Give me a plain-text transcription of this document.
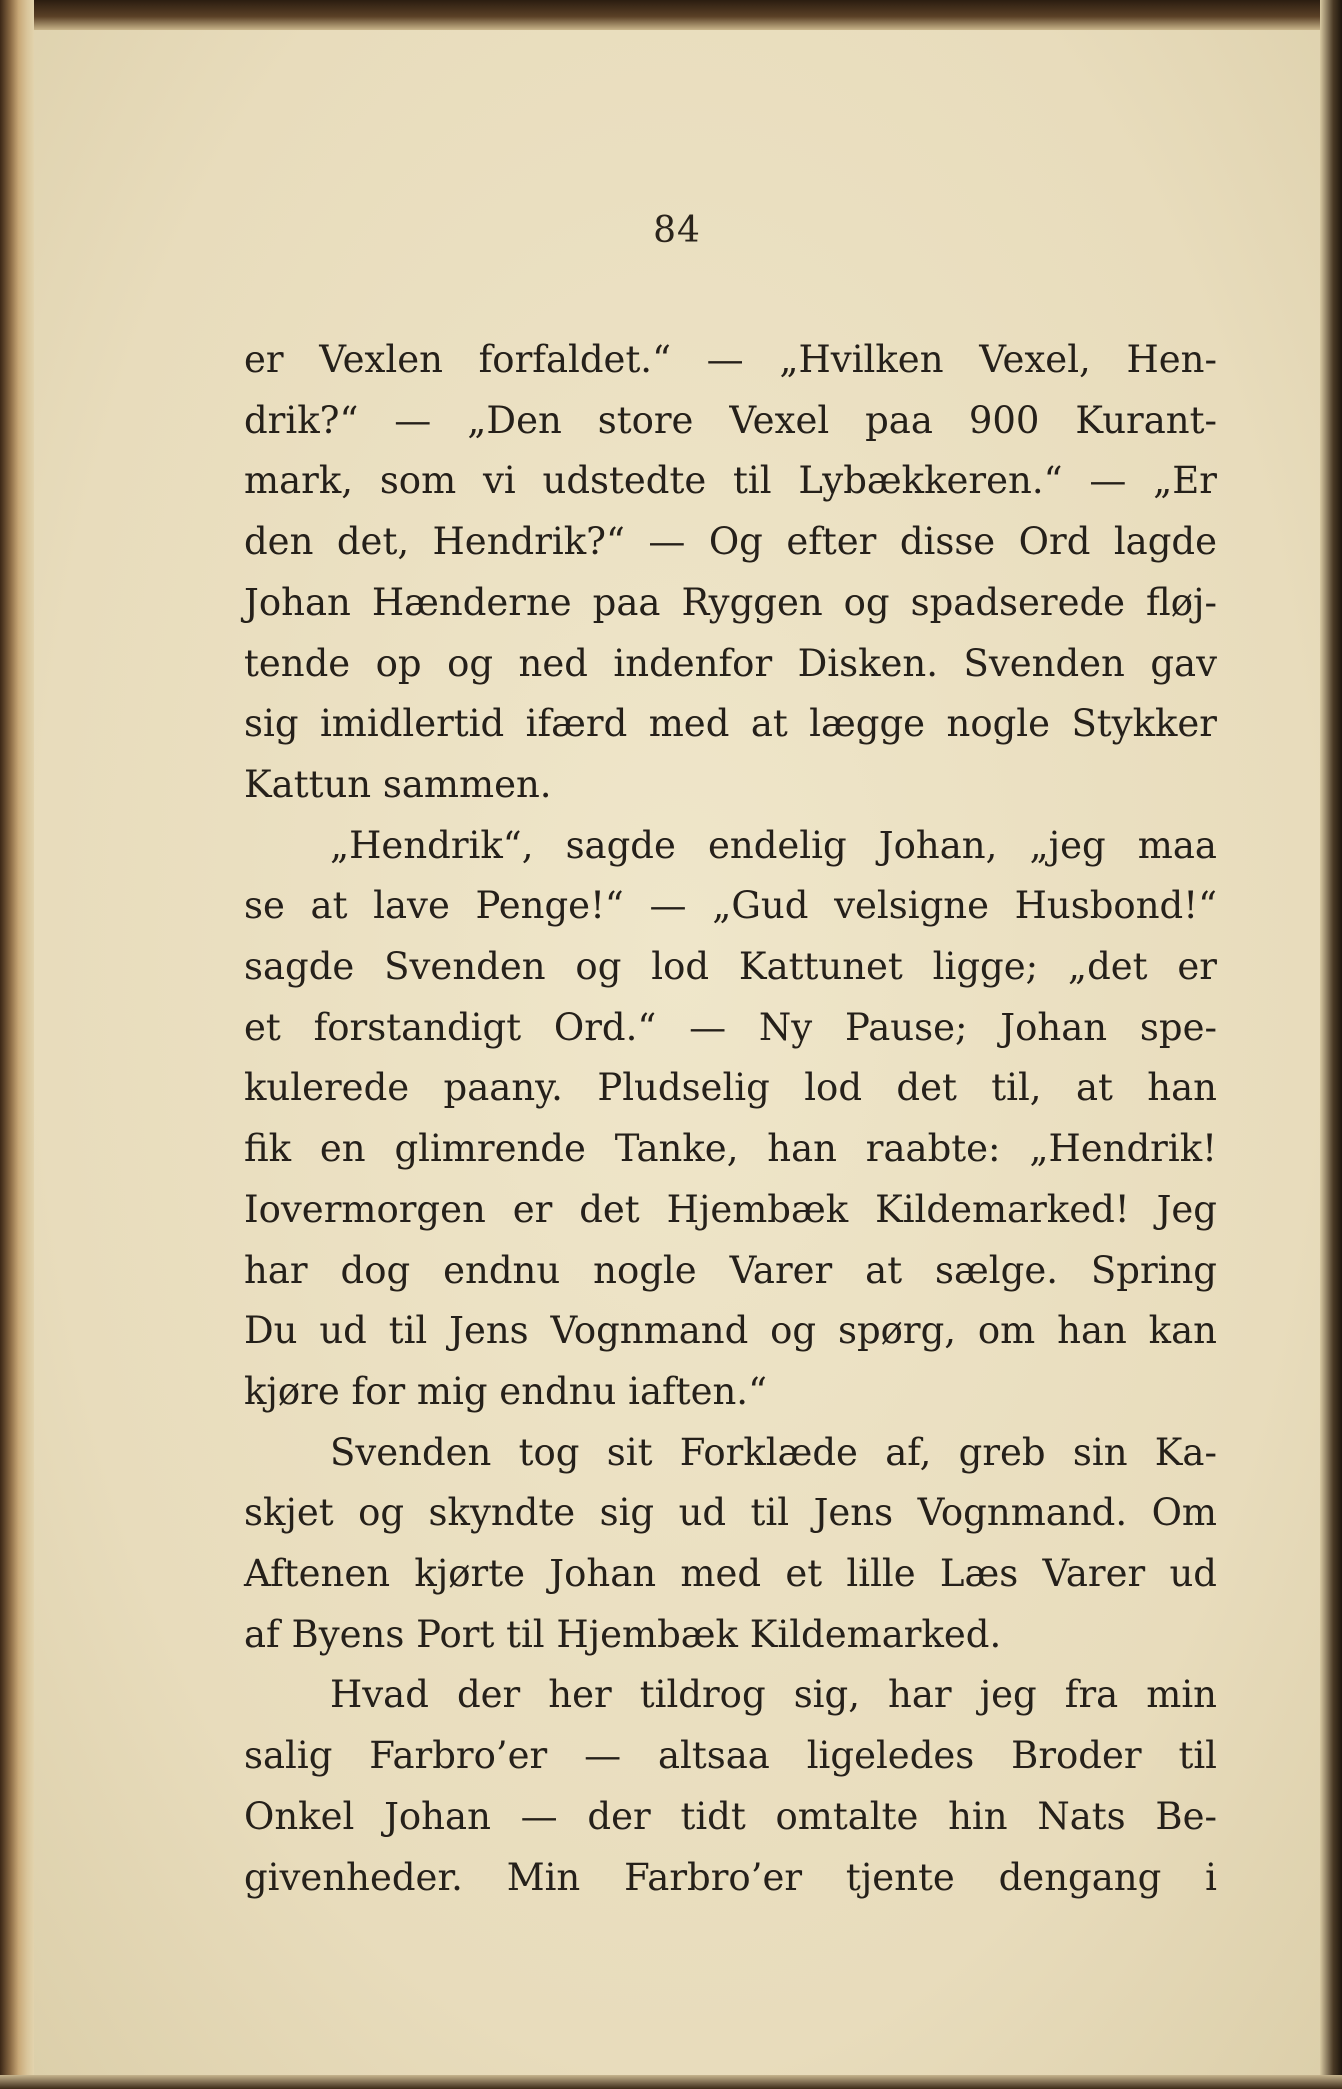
84

er Vexlen forfaldet.“ — „Hvilken Vexel, Hen-
drik?“ — „Den store Vexel paa 900 Kurant-
mark, som vi udstedte til Lybækkeren.“ — „Er
den det, Hendrik?“ — Og efter disse Ord lagde
Johan Hænderne paa Ryggen og spadserede fløj-
tende op og ned indenfor Disken. Svenden gav
sig imidlertid ifærd med at lægge nogle Stykker
Kattun sammen.

„Hendrik“, sagde endelig Johan, „jeg maa
se at lave Penge!“ — „Gud velsigne Husbond!“
sagde Svenden og lod Kattunet ligge; „det er
et forstandigt Ord.“ — Ny Pause; Johan spe-
kulerede paany. Pludselig lod det til, at han
fik en glimrende Tanke, han raabte: „Hendrik!
Iovermorgen er det Hjembæk Kildemarked! Jeg
har dog endnu nogle Varer at sælge. Spring
Du ud til Jens Vognmand og spørg, om han kan
kjøre for mig endnu iaften.“

Svenden tog sit Forklæde af, greb sin Ka-
skjet og skyndte sig ud til Jens Vognmand. Om
Aftenen kjørte Johan med et lille Læs Varer ud
af Byens Port til Hjembæk Kildemarked.

Hvad der her tildrog sig, har jeg fra min
salig Farbro’er — altsaa ligeledes Broder til
Onkel Johan — der tidt omtalte hin Nats Be-
givenheder. Min Farbro’er tjente dengang i
